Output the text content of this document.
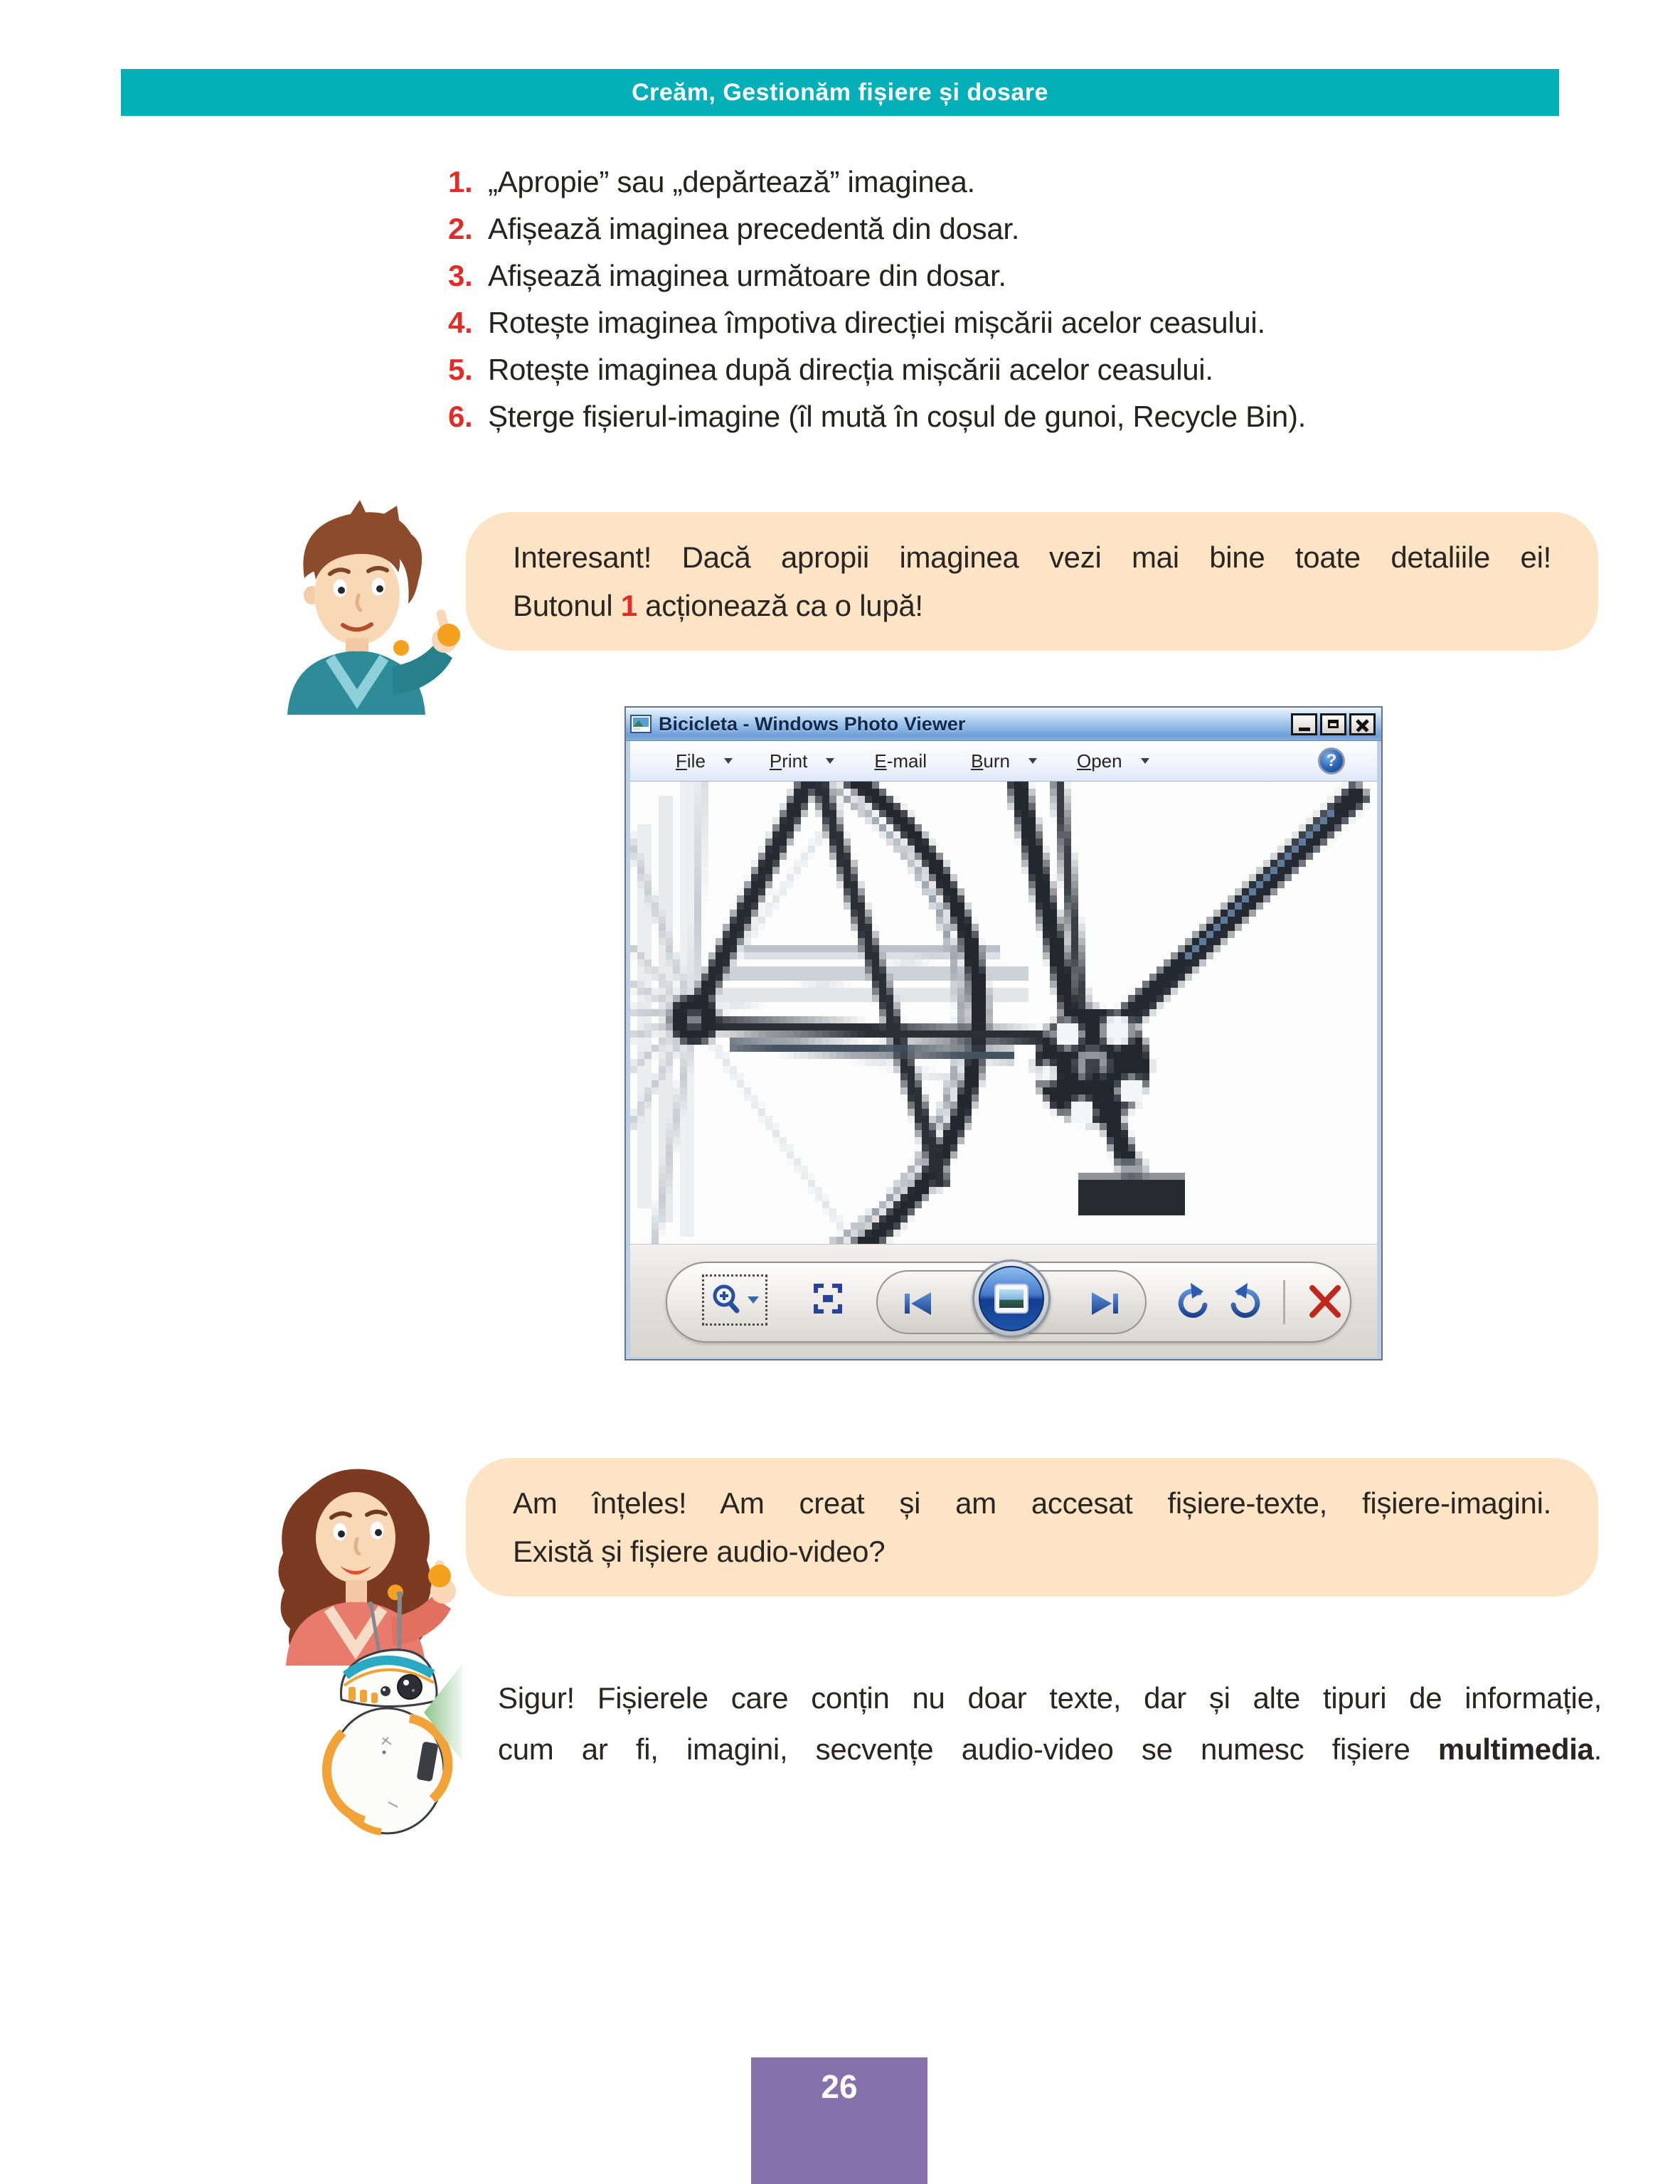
Creăm, Gestionăm fișiere și dosare
1. „Apropie” sau „depărtează” imaginea.
2. Afișează imaginea precedentă din dosar.
3. Afișează imaginea următoare din dosar.
4. Rotește imaginea împotiva direcției mișcării acelor ceasului.
5. Rotește imaginea după direcția mișcării acelor ceasului.
6. Șterge fișierul-imagine (îl mută în coșul de gunoi, Recycle Bin).
Interesant! Dacă apropii imaginea vezi mai bine toate detaliile ei!
Butonul 1 acționează ca o lupă!
Bicicleta - Windows Photo Viewer
F ile	P rint	E -mail B urn	O pen	?
Am înțeles! Am creat și am accesat fișiere-texte, fișiere-imagini.
Există și fișiere audio-video?
Sigur! Fișierele care conțin nu doar texte, dar și alte tipuri de informație,
cum ar fi, imagini, secvențe audio-video se numesc fișiere multimedia.
26
